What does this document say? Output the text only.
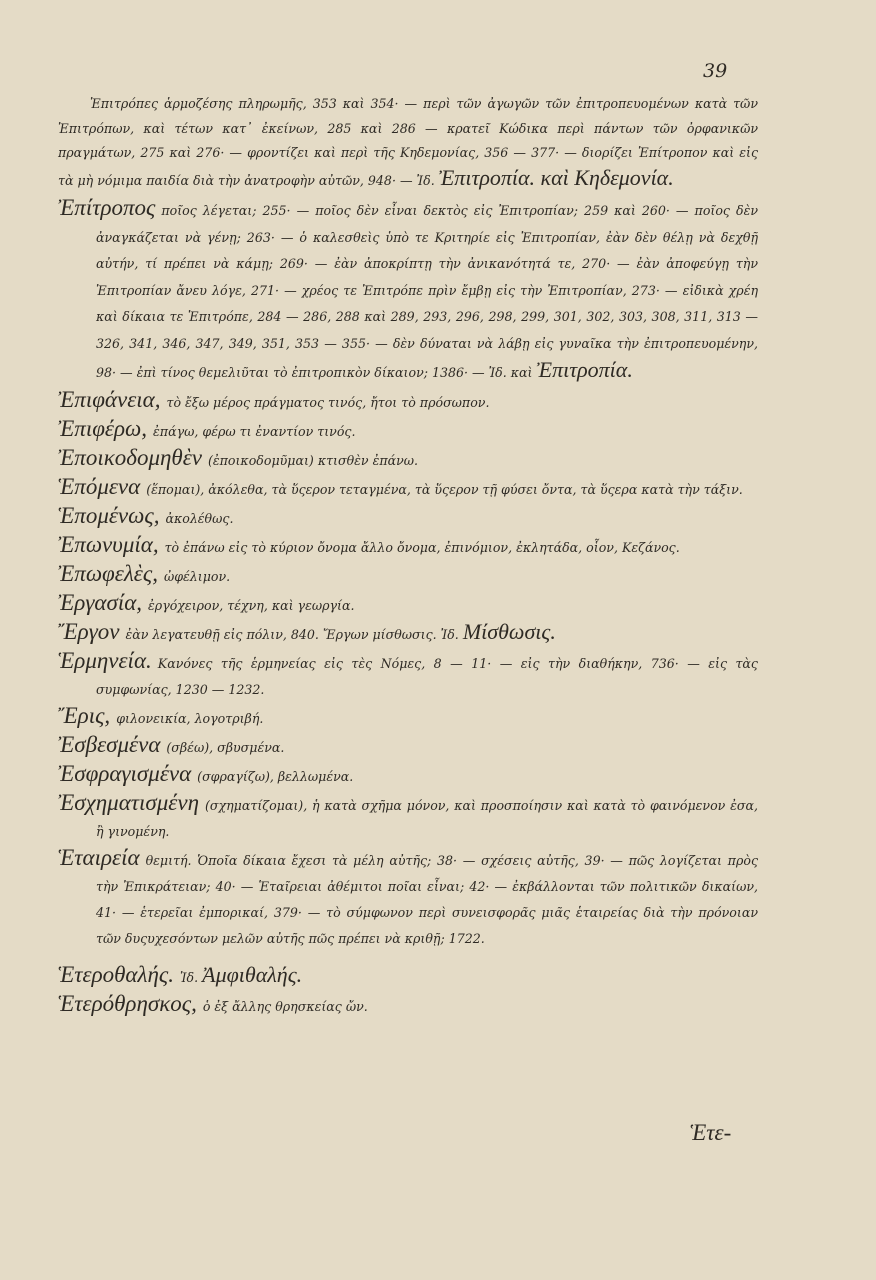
39

Ἐπιτρόπες ἁρμοζέσης πληρωμῆς, 353 καὶ 354· — περὶ τῶν ἀγωγῶν τῶν ἐπιτροπευομένων κατὰ τῶν Ἐπιτρόπων, καὶ τέτων κατ᾽ ἐκείνων, 285 καὶ 286 — κρατεῖ Κώδικα περὶ πάντων τῶν ὀρφανικῶν πραγμάτων, 275 καὶ 276· — φροντίζει καὶ περὶ τῆς Κηδεμονίας, 356 — 377· — διορίζει Ἐπίτροπον καὶ εἰς τὰ μὴ νόμιμα παιδία διὰ τὴν ἀνατροφὴν αὐτῶν, 948· — Ἰδ. Ἐπιτροπία. καὶ Κηδεμονία.

Ἐπίτροπος ποῖος λέγεται; 255· — ποῖος δὲν εἶναι δεκτὸς εἰς Ἐπιτροπίαν; 259 καὶ 260· — ποῖος δὲν ἀναγκάζεται νὰ γένῃ; 263· — ὁ καλεσθεὶς ὑπὸ τε Κριτηρίε εἰς Ἐπιτροπίαν, ἐὰν δὲν θέλῃ νὰ δεχθῇ αὐτήν, τί πρέπει νὰ κάμῃ; 269· — ἐὰν ἀποκρίπτῃ τὴν ἀνικανότητά τε, 270· — ἐὰν ἀποφεύγῃ τὴν Ἐπιτροπίαν ἄνευ λόγε, 271· — χρέος τε Ἐπιτρόπε πρὶν ἔμβῃ εἰς τὴν Ἐπιτροπίαν, 273· — εἰδικὰ χρέη καὶ δίκαια τε Ἐπιτρόπε, 284 — 286, 288 καὶ 289, 293, 296, 298, 299, 301, 302, 303, 308, 311, 313 — 326, 341, 346, 347, 349, 351, 353 — 355· — δὲν δύναται νὰ λάβῃ εἰς γυναῖκα τὴν ἐπιτροπευομένην, 98· — ἐπὶ τίνος θεμελιῦται τὸ ἐπιτροπικὸν δίκαιον; 1386· — Ἰδ. καὶ Ἐπιτροπία.

Ἐπιφάνεια, τὸ ἔξω μέρος πράγματος τινός, ἤτοι τὸ πρόσωπον.

Ἐπιφέρω, ἐπάγω, φέρω τι ἐναντίον τινός.

Ἐποικοδομηθὲν (ἐποικοδομῦμαι) κτισθὲν ἐπάνω.

Ἑπόμενα (ἕπομαι), ἀκόλεθα, τὰ ὕςερον τεταγμένα, τὰ ὕςερον τῇ φύσει ὄντα, τὰ ὕςερα κατὰ τὴν τάξιν.

Ἑπομένως, ἀκολέθως.

Ἐπωνυμία, τὸ ἐπάνω εἰς τὸ κύριον ὄνομα ἄλλο ὄνομα, ἐπινόμιον, ἐκλητάδα, οἷον, Κεζάνος.

Ἐπωφελὲς, ὠφέλιμον.

Ἐργασία, ἐργόχειρον, τέχνη, καὶ γεωργία.

Ἔργον ἐὰν λεγατευθῇ εἰς πόλιν, 840. Ἔργων μίσθωσις. Ἰδ. Μίσθωσις.

Ἑρμηνεία. Κανόνες τῆς ἑρμηνείας εἰς τὲς Νόμες, 8 — 11· — εἰς τὴν διαθήκην, 736· — εἰς τὰς συμφωνίας, 1230 — 1232.

Ἔρις, φιλονεικία, λογοτριβή.

Ἐσβεσμένα (σβέω), σβυσμένα.

Ἐσφραγισμένα (σφραγίζω), βελλωμένα.

Ἐσχηματισμένη (σχηματίζομαι), ἡ κατὰ σχῆμα μόνον, καὶ προσποίησιν καὶ κατὰ τὸ φαινόμενον ἐσα, ἢ γινομένη.

Ἑταιρεία θεμιτή. Ὁποῖα δίκαια ἔχεσι τὰ μέλη αὐτῆς; 38· — σχέσεις αὐτῆς, 39· — πῶς λογίζεται πρὸς τὴν Ἐπικράτειαν; 40· — Ἑταῖρειαι ἀθέμιτοι ποῖαι εἶναι; 42· — ἐκβάλλονται τῶν πολιτικῶν δικαίων, 41· — ἑτερεῖαι ἐμπορικαί, 379· — τὸ σύμφωνον περὶ συνεισφορᾶς μιᾶς ἑταιρείας διὰ τὴν πρόνοιαν τῶν δυςυχεσόντων μελῶν αὐτῆς πῶς πρέπει νὰ κριθῇ; 1722.

Ἑτεροθαλής. Ἰδ. Ἀμφιθαλής.

Ἑτερόθρησκος, ὁ ἐξ ἄλλης θρησκείας ὤν.

Ἑτε-
